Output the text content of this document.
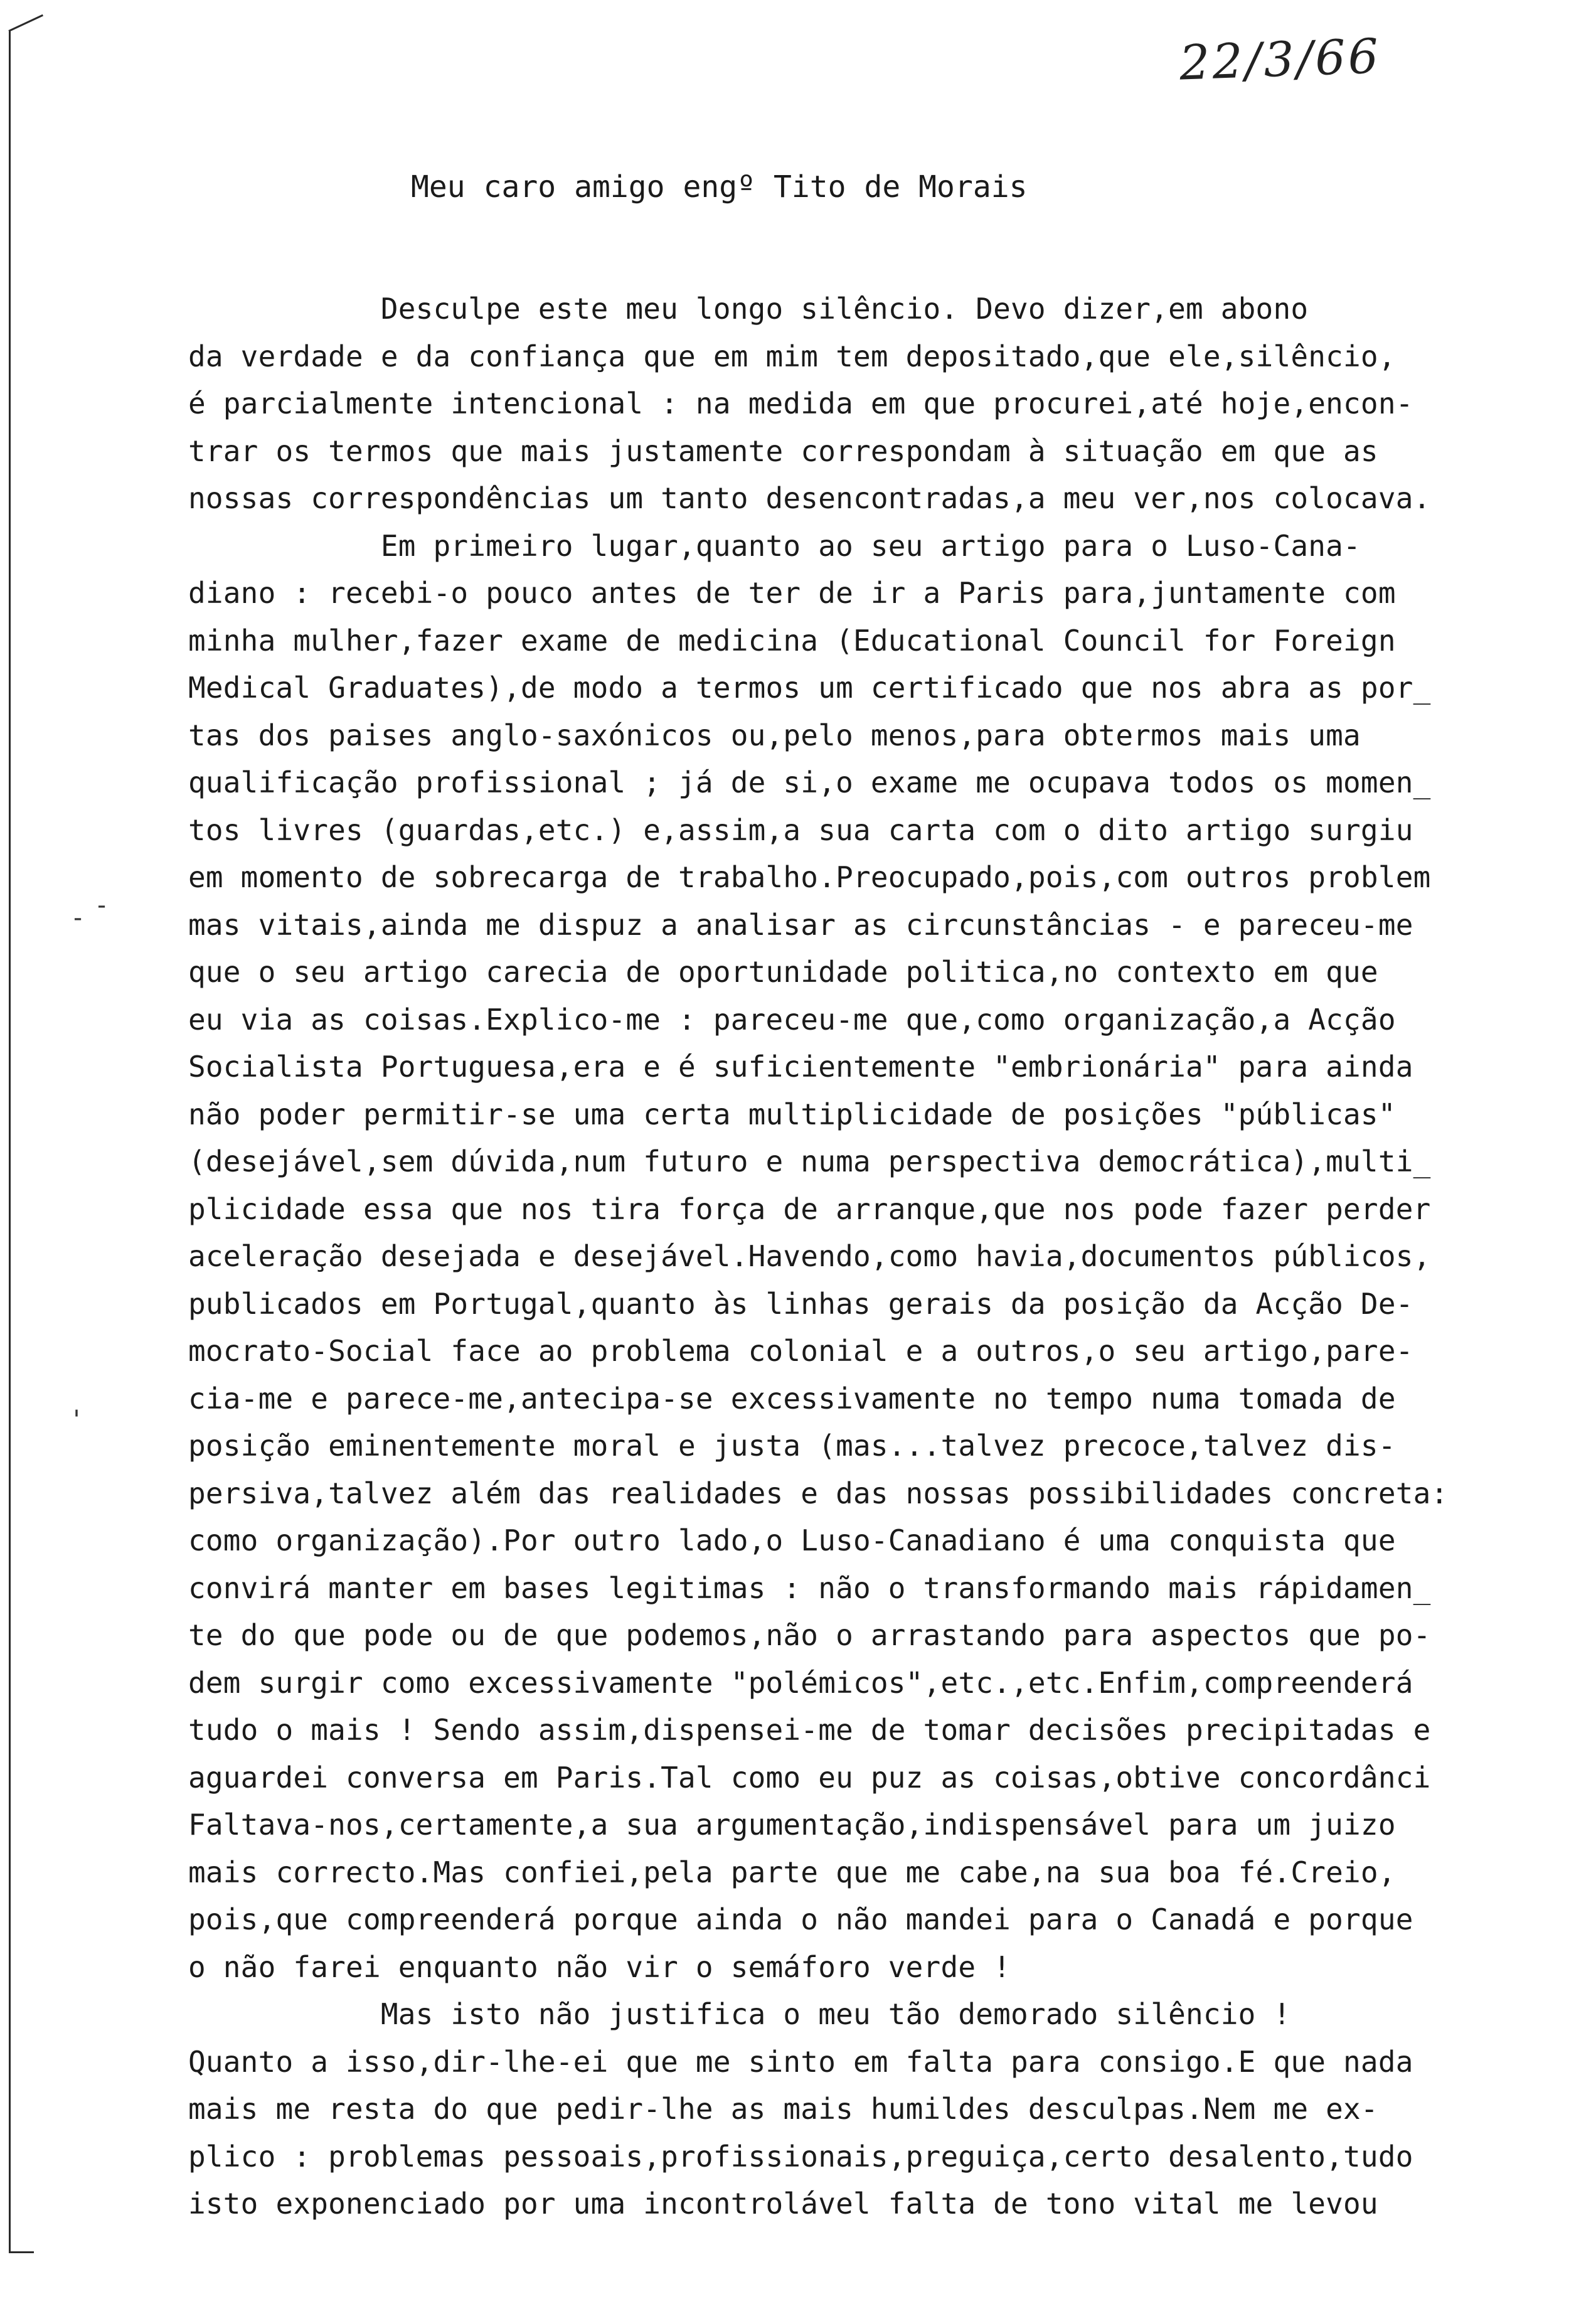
22/3/66
Meu caro amigo engº Tito de Morais
Desculpe este meu longo silêncio. Devo dizer,em abono
da verdade e da confiança que em mim tem depositado,que ele,silêncio,
é parcialmente intencional : na medida em que procurei,até hoje,encon-
trar os termos que mais justamente correspondam à situação em que as
nossas correspondências um tanto desencontradas,a meu ver,nos colocava.
Em primeiro lugar,quanto ao seu artigo para o Luso-Cana-
diano : recebi-o pouco antes de ter de ir a Paris para,juntamente com
minha mulher,fazer exame de medicina (Educational Council for Foreign
Medical Graduates),de modo a termos um certificado que nos abra as por_
tas dos paises anglo-saxónicos ou,pelo menos,para obtermos mais uma
qualificação profissional ; já de si,o exame me ocupava todos os momen_
tos livres (guardas,etc.) e,assim,a sua carta com o dito artigo surgiu
em momento de sobrecarga de trabalho.Preocupado,pois,com outros problem
mas vitais,ainda me dispuz a analisar as circunstâncias - e pareceu-me
que o seu artigo carecia de oportunidade politica,no contexto em que
eu via as coisas.Explico-me : pareceu-me que,como organização,a Acção
Socialista Portuguesa,era e é suficientemente "embrionária" para ainda
não poder permitir-se uma certa multiplicidade de posições "públicas"
(desejável,sem dúvida,num futuro e numa perspectiva democrática),multi_
plicidade essa que nos tira força de arranque,que nos pode fazer perder
aceleração desejada e desejável.Havendo,como havia,documentos públicos,
publicados em Portugal,quanto às linhas gerais da posição da Acção De-
mocrato-Social face ao problema colonial e a outros,o seu artigo,pare-
cia-me e parece-me,antecipa-se excessivamente no tempo numa tomada de
posição eminentemente moral e justa (mas...talvez precoce,talvez dis-
persiva,talvez além das realidades e das nossas possibilidades concreta:
como organização).Por outro lado,o Luso-Canadiano é uma conquista que
convirá manter em bases legitimas : não o transformando mais rápidamen_
te do que pode ou de que podemos,não o arrastando para aspectos que po-
dem surgir como excessivamente "polémicos",etc.,etc.Enfim,compreenderá
tudo o mais ! Sendo assim,dispensei-me de tomar decisões precipitadas e
aguardei conversa em Paris.Tal como eu puz as coisas,obtive concordânci
Faltava-nos,certamente,a sua argumentação,indispensável para um juizo
mais correcto.Mas confiei,pela parte que me cabe,na sua boa fé.Creio,
pois,que compreenderá porque ainda o não mandei para o Canadá e porque
o não farei enquanto não vir o semáforo verde !
Mas isto não justifica o meu tão demorado silêncio !
Quanto a isso,dir-lhe-ei que me sinto em falta para consigo.E que nada
mais me resta do que pedir-lhe as mais humildes desculpas.Nem me ex-
plico : problemas pessoais,profissionais,preguiça,certo desalento,tudo
isto exponenciado por uma incontrolável falta de tono vital me levou
- -
'
